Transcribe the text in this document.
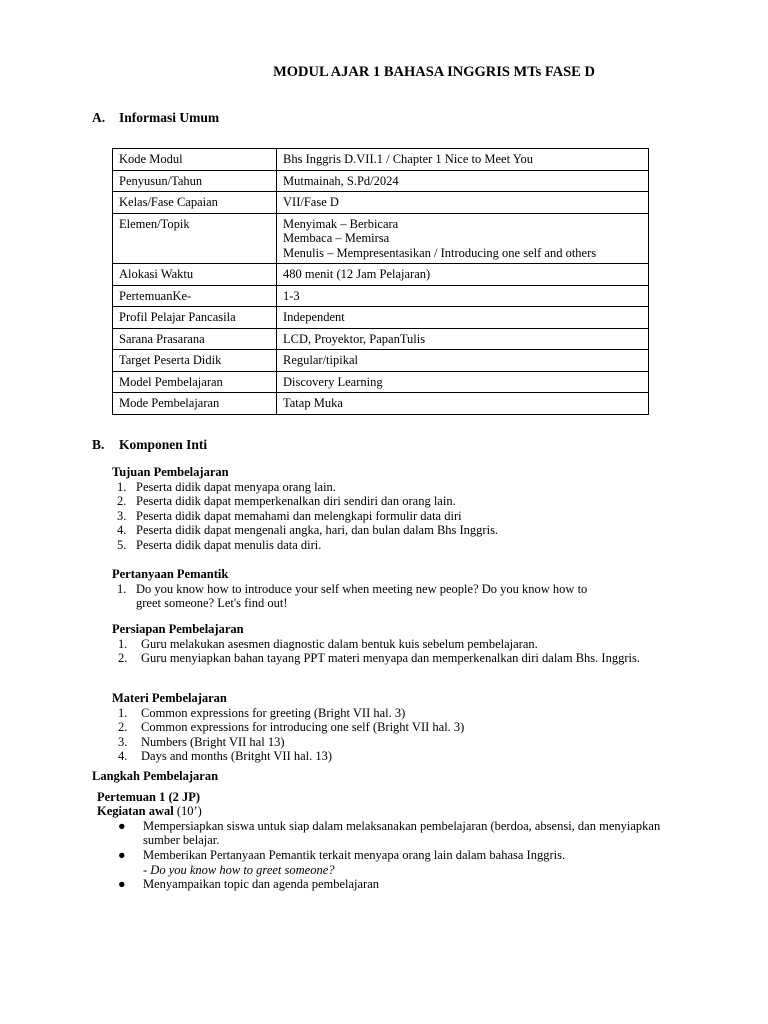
MODUL AJAR 1 BAHASA INGGRIS MTs FASE D
A. Informasi Umum
Kode Modul	Bhs Inggris D.VII.1 / Chapter 1 Nice to Meet You

Penyusun/Tahun	Mutmainah, S.Pd/2024

Kelas/Fase Capaian	VII/Fase D

Elemen/Topik	Menyimak – Berbicara
Membaca – Memirsa
Menulis – Mempresentasikan / Introducing one self and others

Alokasi Waktu	480 menit (12 Jam Pelajaran)

PertemuanKe-	1-3

Profil Pelajar Pancasila	Independent

Sarana Prasarana	LCD, Proyektor, PapanTulis

Target Peserta Didik	Regular/tipikal

Model Pembelajaran	Discovery Learning

Mode Pembelajaran	Tatap Muka
B. Komponen Inti
Tujuan Pembelajaran
1. Peserta didik dapat menyapa orang lain.
2. Peserta didik dapat memperkenalkan diri sendiri dan orang lain.
3. Peserta didik dapat memahami dan melengkapi formulir data diri
4. Peserta didik dapat mengenali angka, hari, dan bulan dalam Bhs Inggris.
5. Peserta didik dapat menulis data diri.
Pertanyaan Pemantik
1. Do you know how to introduce your self when meeting new people? Do you know how to greet someone? Let's find out!
Persiapan Pembelajaran
1. Guru melakukan asesmen diagnostic dalam bentuk kuis sebelum pembelajaran.
2. Guru menyiapkan bahan tayang PPT materi menyapa dan memperkenalkan diri dalam Bhs. Inggris.
Materi Pembelajaran
1. Common expressions for greeting (Bright VII hal. 3)
2. Common expressions for introducing one self (Bright VII hal. 3)
3. Numbers (Bright VII hal 13)
4. Days and months (Britght VII hal. 13)
Langkah Pembelajaran
Pertemuan 1 (2 JP)
Kegiatan awal (10’)
● Mempersiapkan siswa untuk siap dalam melaksanakan pembelajaran (berdoa, absensi, dan menyiapkan sumber belajar.
● Memberikan Pertanyaan Pemantik terkait menyapa orang lain dalam bahasa Inggris.
- Do you know how to greet someone?
● Menyampaikan topic dan agenda pembelajaran
